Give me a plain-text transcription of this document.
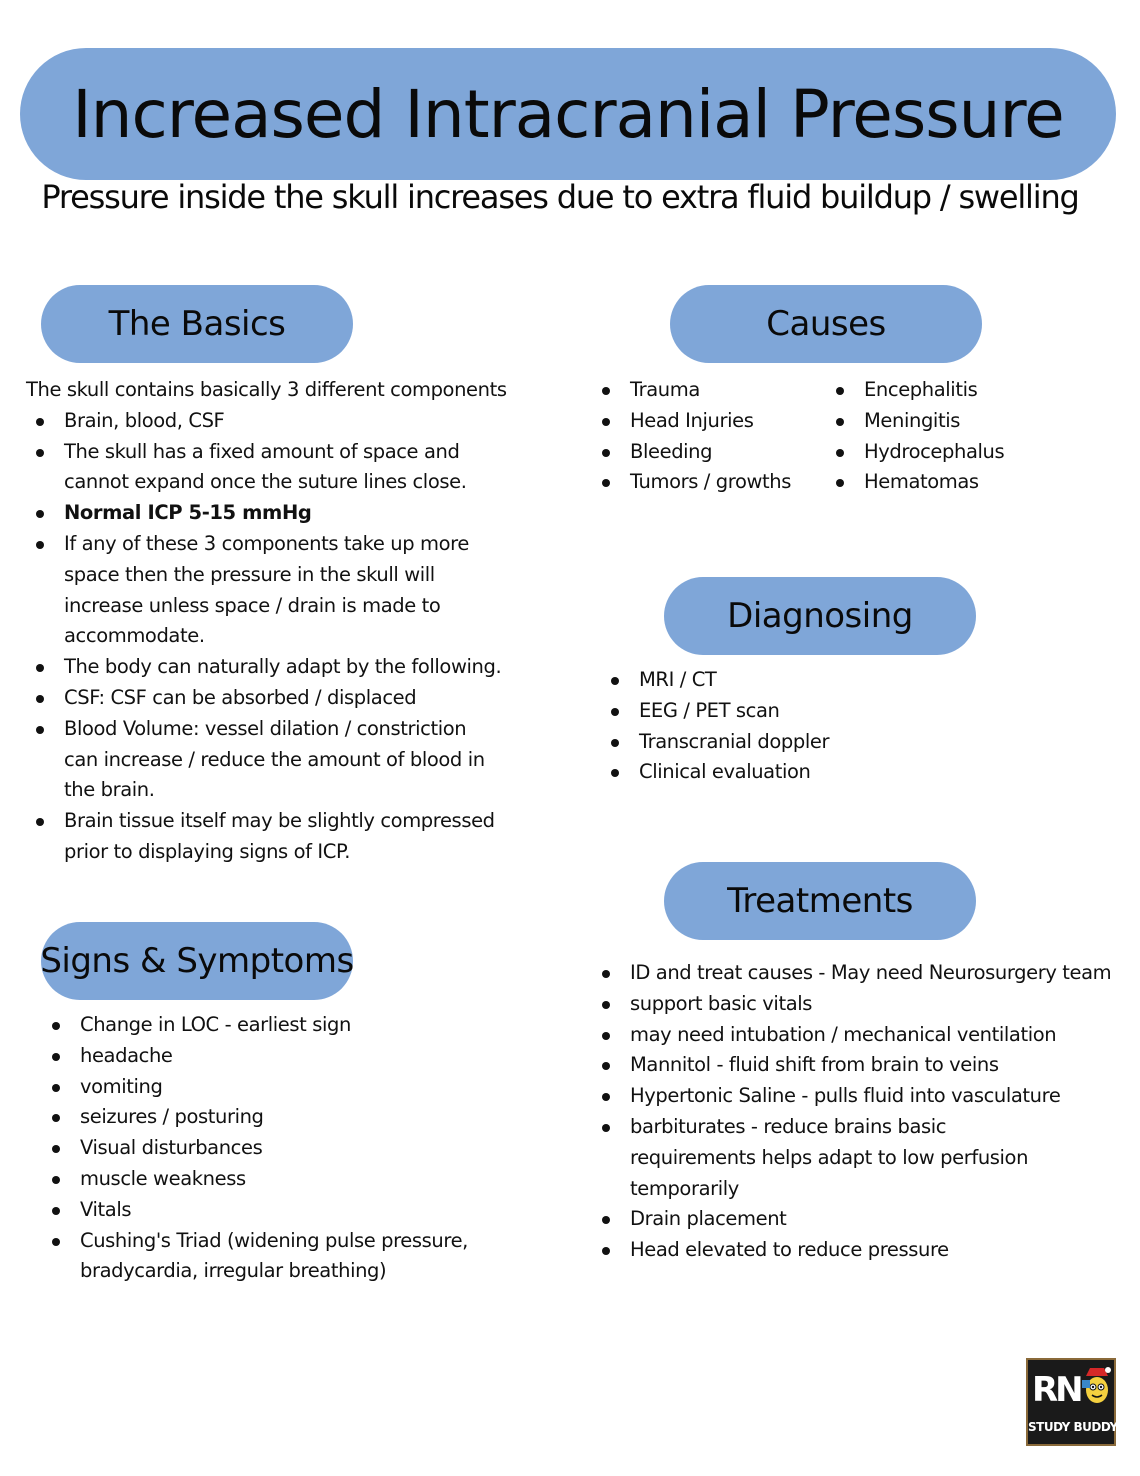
Increased Intracranial Pressure
Pressure inside the skull increases due to extra fluid buildup / swelling
The Basics
The skull contains basically 3 different components
Brain, blood, CSF
The skull has a fixed amount of space and cannot expand once the suture lines close.
Normal ICP 5-15 mmHg
If any of these 3 components take up more space then the pressure in the skull will increase unless space / drain is made to accommodate.
The body can naturally adapt by the following.
CSF: CSF can be absorbed / displaced
Blood Volume: vessel dilation / constriction can increase / reduce the amount of blood in the brain.
Brain tissue itself may be slightly compressed prior to displaying signs of ICP.
Causes
Trauma
Head Injuries
Bleeding
Tumors / growths
Encephalitis
Meningitis
Hydrocephalus
Hematomas
Diagnosing
MRI / CT
EEG / PET scan
Transcranial doppler
Clinical evaluation
Signs & Symptoms
Change in LOC - earliest sign
headache
vomiting
seizures / posturing
Visual disturbances
muscle weakness
Vitals
Cushing's Triad (widening pulse pressure, bradycardia, irregular breathing)
Treatments
ID and treat causes - May need Neurosurgery team
support basic vitals
may need intubation / mechanical ventilation
Mannitol - fluid shift from brain to veins
Hypertonic Saline - pulls fluid into vasculature
barbiturates - reduce brains basic requirements helps adapt to low perfusion temporarily
Drain placement
Head elevated to reduce pressure
RN
STUDY BUDDY
